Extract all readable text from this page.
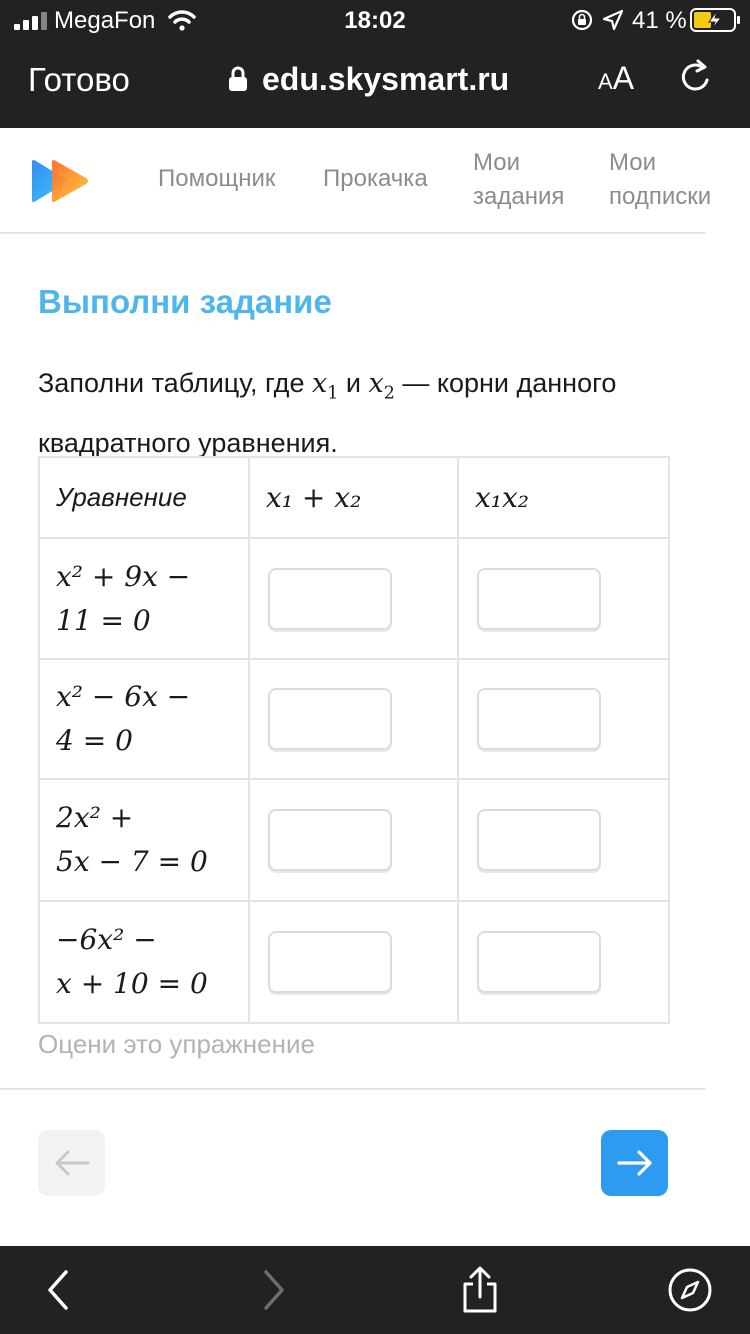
MegaFon	18:02	41 %
Готово	edu.skysmart.ru	AA
Помощник Прокачка
Мои
задания
Мои
подписки
Выполни задание
Заполни таблицу, где $x_1$ и $x_2$ — корни данного квадратного уравнения.
Уравнение	x₁ + x₂	x₁x₂

x² + 9x −
11 = 0

x² − 6x −
4 = 0

2x² +
5x − 7 = 0

−6x² −
x + 10 = 0

Оцени это упражнение
